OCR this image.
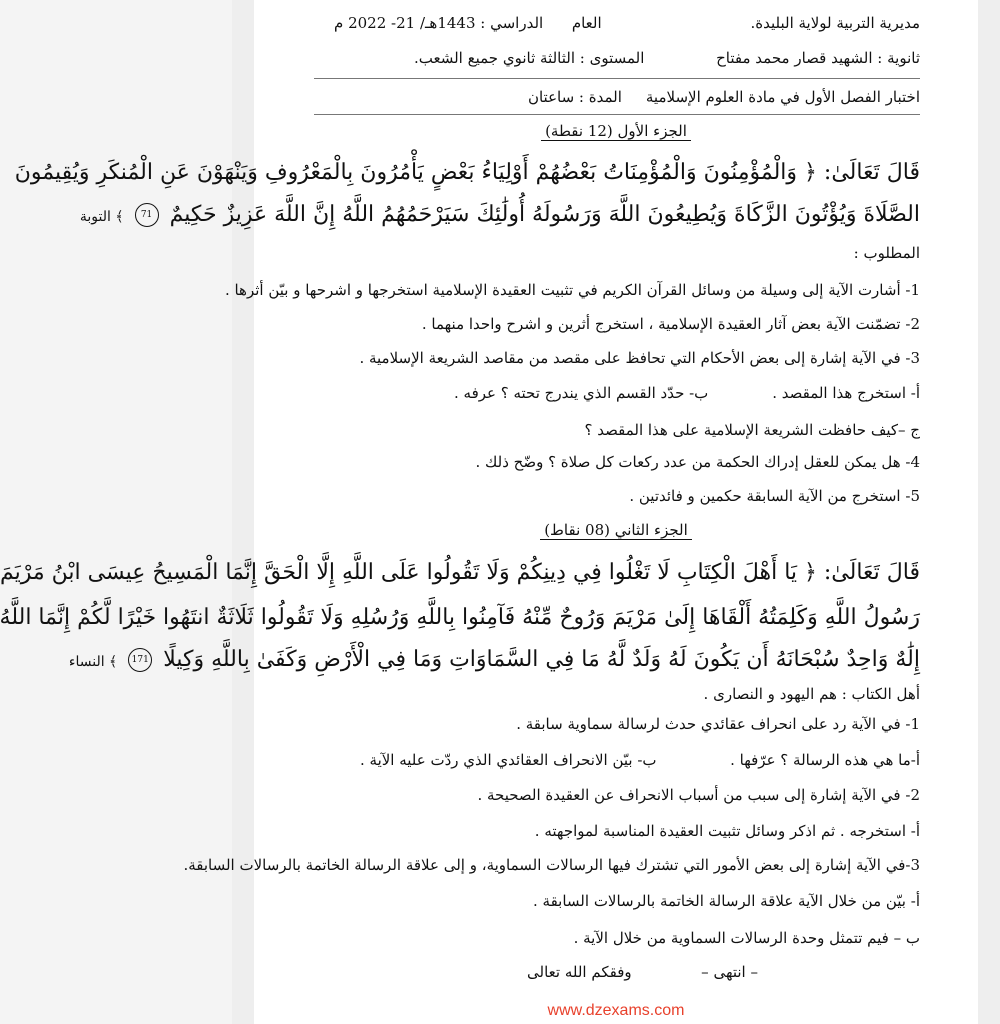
مديرية التربية لولاية البليدة.
العام      الدراسي : 1443هـ/ 21- 2022 م
ثانوية : الشهيد قصار محمد مفتاح
المستوى : الثالثة ثانوي جميع الشعب.
اختبار الفصل الأول في مادة العلوم الإسلامية
المدة : ساعتان
الجزء الأول (12 نقطة)
قَالَ تَعَالَىٰ: ﴿ وَالْمُؤْمِنُونَ وَالْمُؤْمِنَاتُ بَعْضُهُمْ أَوْلِيَاءُ بَعْضٍ يَأْمُرُونَ بِالْمَعْرُوفِ وَيَنْهَوْنَ عَنِ الْمُنكَرِ وَيُقِيمُونَ
الصَّلَاةَ وَيُؤْتُونَ الزَّكَاةَ وَيُطِيعُونَ اللَّهَ وَرَسُولَهُ أُولَٰئِكَ سَيَرْحَمُهُمُ اللَّهُ إِنَّ اللَّهَ عَزِيزٌ حَكِيمٌ 71 ﴾ التوبة
المطلوب :
1- أشارت الآية إلى وسيلة من وسائل القرآن الكريم في تثبيت العقيدة الإسلامية استخرجها و اشرحها و بيّن أثرها .
2- تضمّنت الآية بعض آثار العقيدة الإسلامية ، استخرج أثرين و اشرح واحدا منهما .
3- في الآية إشارة إلى بعض الأحكام التي تحافظ على مقصد من مقاصد الشريعة الإسلامية .
أ- استخرج هذا المقصد .
ب- حدّد القسم الذي يندرج تحته ؟ عرفه .
ج –كيف حافظت الشريعة الإسلامية على هذا المقصد ؟
4- هل يمكن للعقل إدراك الحكمة من عدد ركعات كل صلاة ؟ وضّح ذلك .
5- استخرج من الآية السابقة حكمين و فائدتين .
الجزء الثاني (08 نقاط)
قَالَ تَعَالَىٰ: ﴿ يَا أَهْلَ الْكِتَابِ لَا تَغْلُوا فِي دِينِكُمْ وَلَا تَقُولُوا عَلَى اللَّهِ إِلَّا الْحَقَّ إِنَّمَا الْمَسِيحُ عِيسَى ابْنُ مَرْيَمَ
رَسُولُ اللَّهِ وَكَلِمَتُهُ أَلْقَاهَا إِلَىٰ مَرْيَمَ وَرُوحٌ مِّنْهُ فَآمِنُوا بِاللَّهِ وَرُسُلِهِ وَلَا تَقُولُوا ثَلَاثَةٌ انتَهُوا خَيْرًا لَّكُمْ إِنَّمَا اللَّهُ
إِلَٰهٌ وَاحِدٌ سُبْحَانَهُ أَن يَكُونَ لَهُ وَلَدٌ لَّهُ مَا فِي السَّمَاوَاتِ وَمَا فِي الْأَرْضِ وَكَفَىٰ بِاللَّهِ وَكِيلًا 171 ﴾ النساء
أهل الكتاب : هم اليهود و النصارى .
1- في الآية رد على انحراف عقائدي حدث لرسالة سماوية سابقة .
أ-ما هي هذه الرسالة ؟ عرّفها .
ب- بيّن الانحراف العقائدي الذي ردّت عليه الآية .
2- في الآية إشارة إلى سبب من أسباب الانحراف عن العقيدة الصحيحة .
أ- استخرجه . ثم اذكر وسائل تثبيت العقيدة المناسبة لمواجهته .
3-في الآية إشارة إلى بعض الأمور التي تشترك فيها الرسالات السماوية، و إلى علاقة الرسالة الخاتمة بالرسالات السابقة.
أ- بيّن من خلال الآية علاقة الرسالة الخاتمة بالرسالات السابقة .
ب – فيم تتمثل وحدة الرسالات السماوية من خلال الآية .
– انتهى –  وفقكم الله تعالى
www.dzexams.com
